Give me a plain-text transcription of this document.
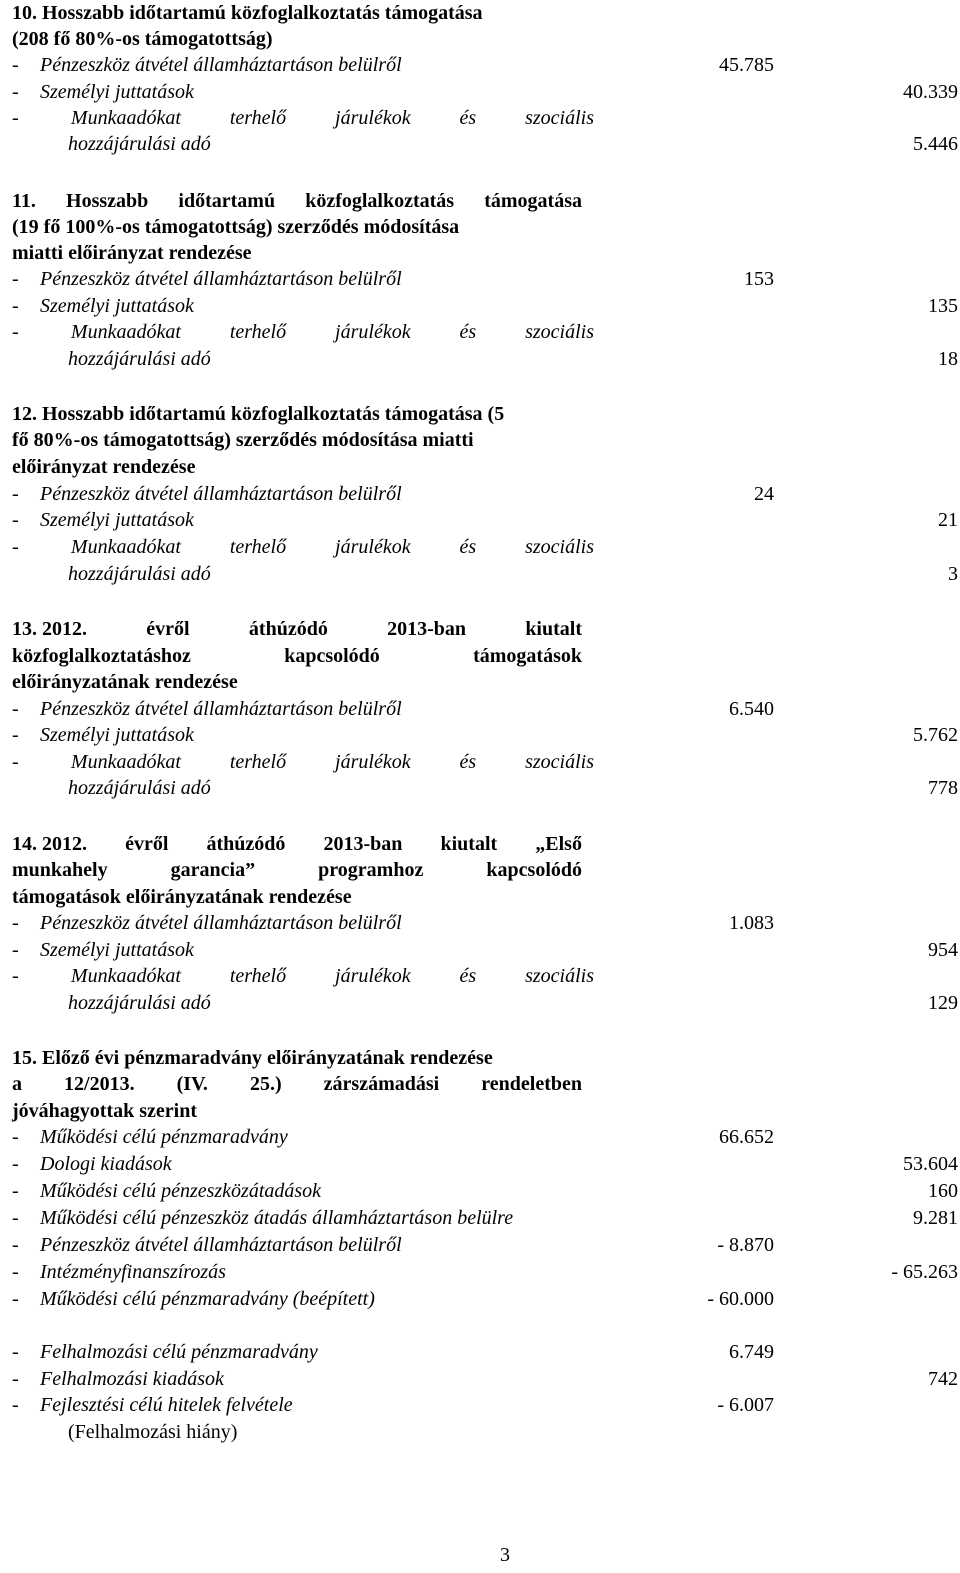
10. Hosszabb időtartamú közfoglalkoztatás támogatása
(208 fő 80%-os támogatottság)
- Pénzeszköz átvétel államháztartáson belülről	45.785
- Személyi juttatások	40.339
-	Munkaadókat terhelő járulékok és szociális
hozzájárulási adó	5.446
11. Hosszabb időtartamú közfoglalkoztatás támogatása
(19 fő 100%-os támogatottság) szerződés módosítása
miatti előirányzat rendezése
- Pénzeszköz átvétel államháztartáson belülről	153
- Személyi juttatások	135
-	Munkaadókat terhelő járulékok és szociális
hozzájárulási adó	18
12. Hosszabb időtartamú közfoglalkoztatás támogatása (5
fő 80%-os támogatottság) szerződés módosítása miatti
előirányzat rendezése
- Pénzeszköz átvétel államháztartáson belülről	24
- Személyi juttatások	21
-	Munkaadókat terhelő járulékok és szociális
hozzájárulási adó	3
13. 2012.	évről	áthúzódó	2013-ban	kiutalt
közfoglalkoztatáshoz	kapcsolódó	támogatások
előirányzatának rendezése
- Pénzeszköz átvétel államháztartáson belülről	6.540
- Személyi juttatások	5.762
-	Munkaadókat terhelő járulékok és szociális
hozzájárulási adó	778
14. 2012. évről áthúzódó 2013-ban kiutalt „Első
munkahely	garancia”	programhoz	kapcsolódó
támogatások előirányzatának rendezése
- Pénzeszköz átvétel államháztartáson belülről	1.083
- Személyi juttatások	954
-	Munkaadókat terhelő járulékok és szociális
hozzájárulási adó	129
15. Előző évi pénzmaradvány előirányzatának rendezése
a 12/2013. (IV. 25.) zárszámadási rendeletben
jóváhagyottak szerint
- Működési célú pénzmaradvány	66.652
- Dologi kiadások	53.604
- Működési célú pénzeszközátadások	160
- Működési célú pénzeszköz átadás államháztartáson belülre	9.281
- Pénzeszköz átvétel államháztartáson belülről	- 8.870
- Intézményfinanszírozás	- 65.263
- Működési célú pénzmaradvány (beépített)	- 60.000
- Felhalmozási célú pénzmaradvány	6.749
- Felhalmozási kiadások	742
- Fejlesztési célú hitelek felvétele	- 6.007
(Felhalmozási hiány)
3
